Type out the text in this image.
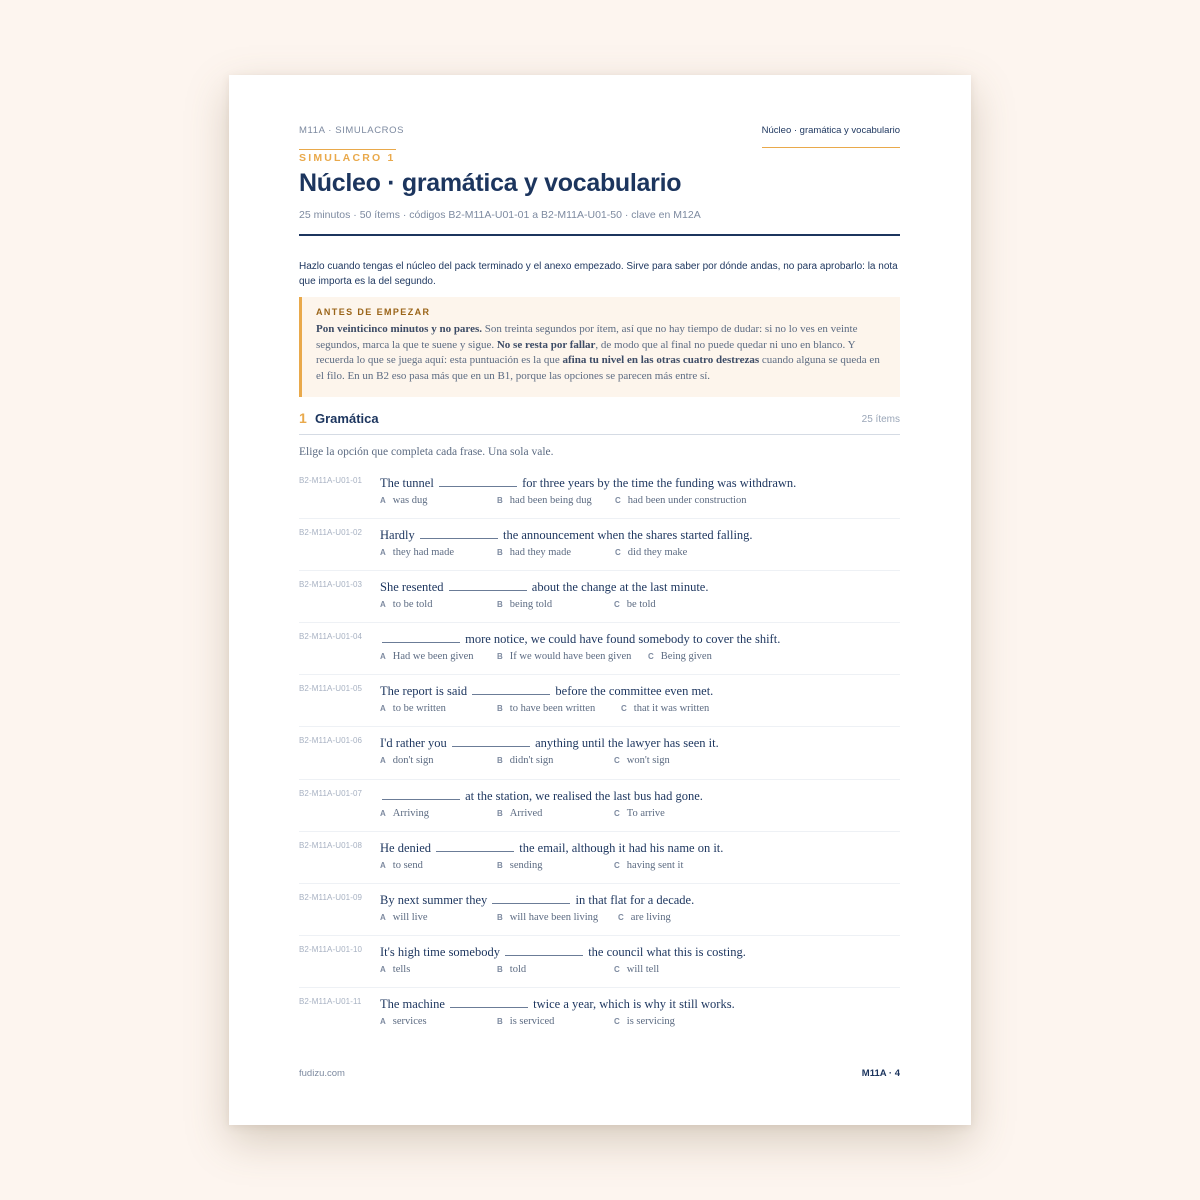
M11A · SIMULACROS	Núcleo · gramática y vocabulario
SIMULACRO 1
Núcleo · gramática y vocabulario
25 minutos · 50 ítems · códigos B2-M11A-U01-01 a B2-M11A-U01-50 · clave en M12A

Hazlo cuando tengas el núcleo del pack terminado y el anexo empezado. Sirve para saber por dónde andas, no para aprobarlo: la nota que importa es la del segundo.

ANTES DE EMPEZAR

Pon veinticinco minutos y no pares. Son treinta segundos por ítem, así que no hay tiempo de dudar: si no lo ves en veinte segundos, marca la que te suene y sigue. No se resta por fallar, de modo que al final no puede quedar ni uno en blanco. Y recuerda lo que se juega aquí: esta puntuación es la que afina tu nivel en las otras cuatro destrezas cuando alguna se queda en el filo. En un B2 eso pasa más que en un B1, porque las opciones se parecen más entre sí.

1 Gramática	25 ítems

Elige la opción que completa cada frase. Una sola vale.

B2-M11A-U01-01 The tunnel	for three years by the time the funding was withdrawn.
A was dug	B had been being dug	C had been under construction
B2-M11A-U01-02 Hardly	the announcement when the shares started falling.
A they had made	B had they made	C did they make
B2-M11A-U01-03 She resented	about the change at the last minute.
A to be told	B being told	C be told
B2-M11A-U01-04	more notice, we could have found somebody to cover the shift.
A Had we been given	B If we would have been given C Being given
B2-M11A-U01-05 The report is said	before the committee even met.
A to be written	B to have been written	C that it was written
B2-M11A-U01-06 I'd rather you	anything until the lawyer has seen it.
A don't sign	B didn't sign	C won't sign
B2-M11A-U01-07	at the station, we realised the last bus had gone.
A Arriving	B Arrived	C To arrive
B2-M11A-U01-08 He denied	the email, although it had his name on it.
A to send	B sending	C having sent it
B2-M11A-U01-09 By next summer they	in that flat for a decade.
A will live	B will have been living C are living
B2-M11A-U01-10 It's high time somebody	the council what this is costing.
A tells	B told	C will tell
B2-M11A-U01-11 The machine	twice a year, which is why it still works.
A services	B is serviced	C is servicing
fudizu.com	M11A · 4
